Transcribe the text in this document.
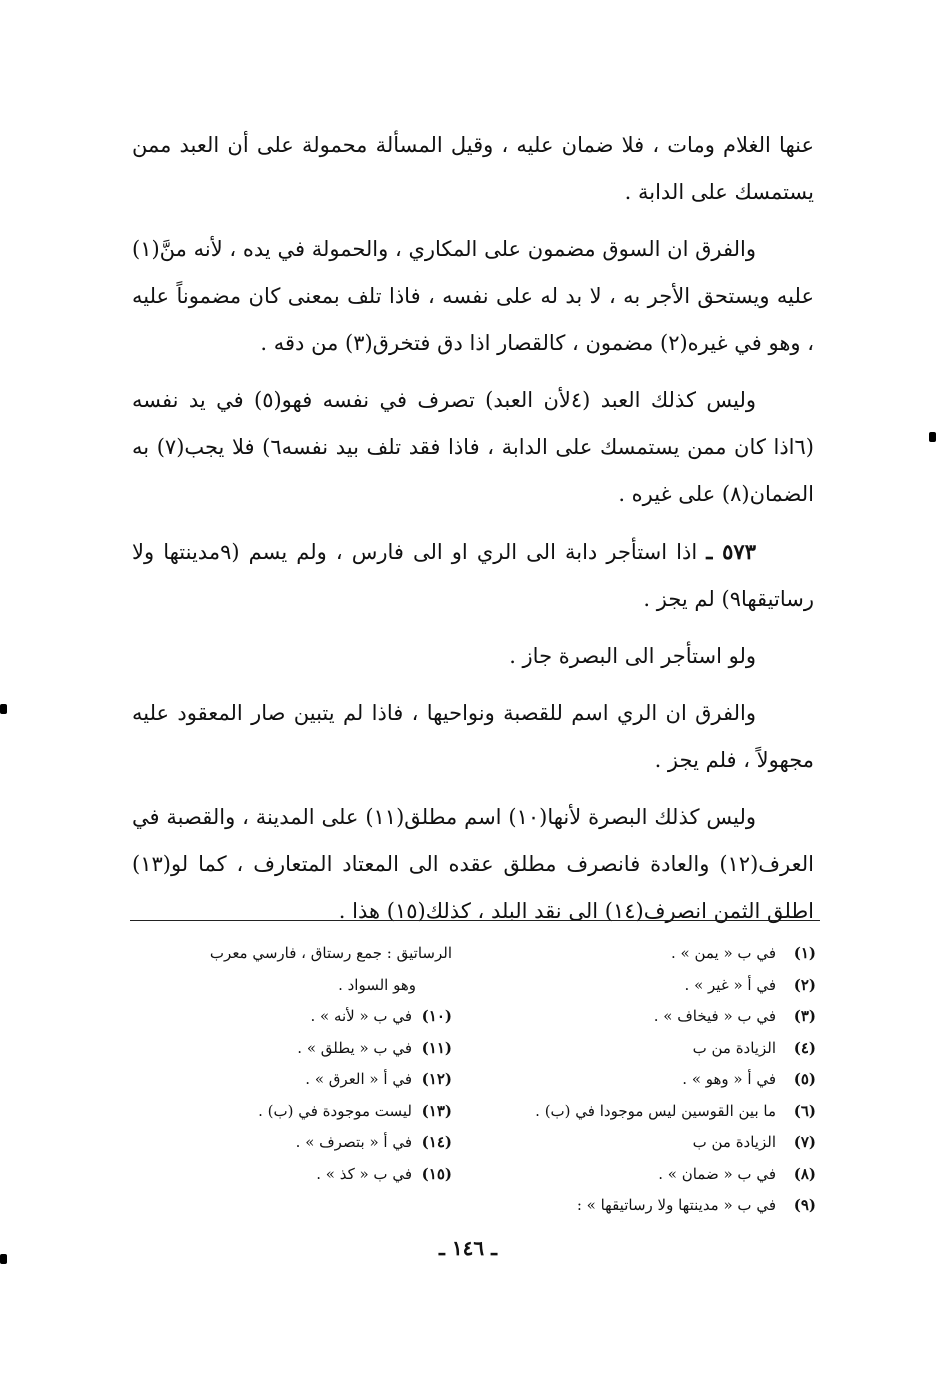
عنها الغلام ومات ، فلا ضمان عليه ، وقيل المسألة محمولة على أن العبد ممن يستمسك على الدابة .

والفرق ان السوق مضمون على المكاري ، والحمولة في يده ، لأنه منَّ(١) عليه ويستحق الأجر به ، لا بد له على نفسه ، فاذا تلف بمعنى كان مضموناً عليه ، وهو في غيره(٢) مضمون ، كالقصار اذا دق فتخرق(٣) من دقه .

وليس كذلك العبد (٤لأن العبد) تصرف في نفسه فهو(٥) في يد نفسه (٦اذا كان ممن يستمسك على الدابة ، فاذا فقد تلف بيد نفسه٦) فلا يجب(٧) به الضمان(٨) على غيره .

٥٧٣ ـ اذا استأجر دابة الى الري او الى فارس ، ولم يسم (٩مدينتها ولا رساتيقها٩) لم يجز .

ولو استأجر الى البصرة جاز .

والفرق ان الري اسم للقصبة ونواحيها ، فاذا لم يتبين صار المعقود عليه مجهولاً ، فلم يجز .

وليس كذلك البصرة لأنها(١٠) اسم مطلق(١١) على المدينة ، والقصبة في العرف(١٢) والعادة فانصرف مطلق عقده الى المعتاد المتعارف ، كما لو(١٣) اطلق الثمن انصرف(١٤) الى نقد البلد ، كذلك(١٥) هذا .

(١)
في ب « يمن » .
(٢)
في أ « غير » .
(٣)
في ب « فيخاف » .
(٤)
الزيادة من ب
(٥)
في أ « وهو » .
(٦)
ما بين القوسين ليس موجودا في (ب) .
(٧)
الزيادة من ب
(٨)
في ب « ضمان » .
(٩)
في ب « مدينتها ولا رساتيقها » :
الرساتيق : جمع رستاق ، فارسي معرب
وهو السواد .
(١٠)
في ب « لأنه » .
(١١)
في ب « يطلق » .
(١٢)
في أ « العرق » .
(١٣)
ليست موجودة في (ب) .
(١٤)
في أ « بتصرف » .
(١٥)
في ب « كذ » .
ـ ١٤٦ ـ
